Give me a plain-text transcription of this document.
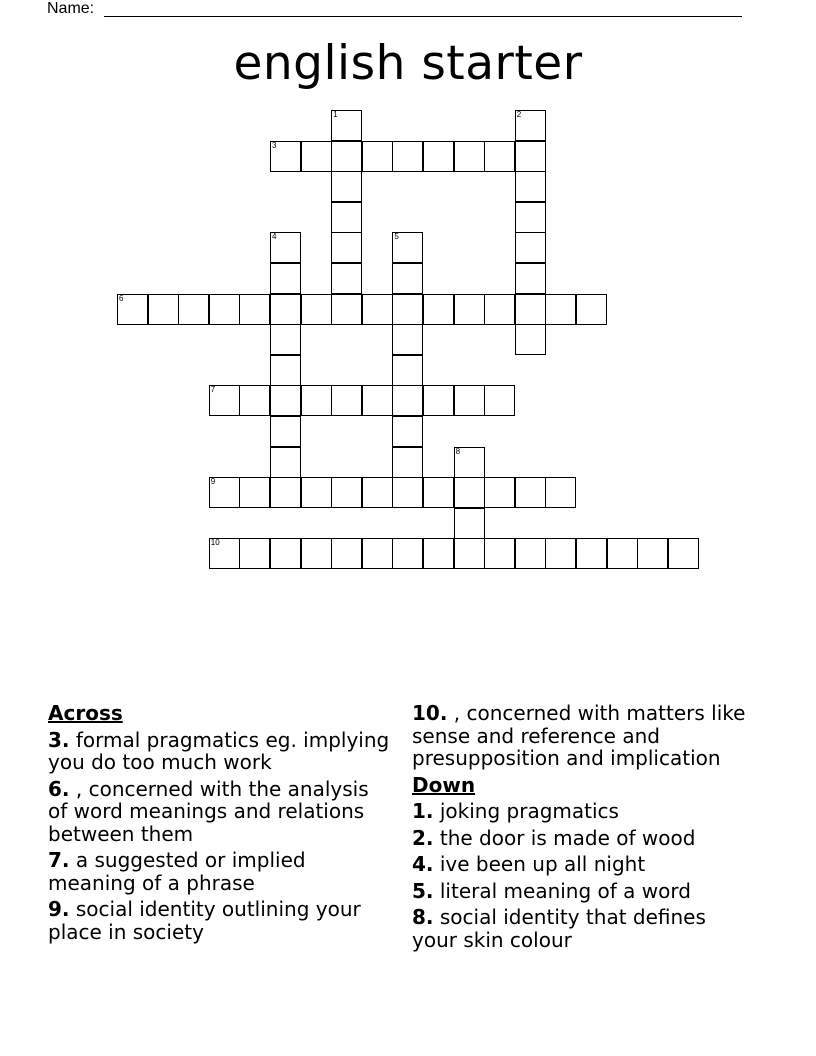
Name:
english starter
1	2
3
4	5
6
7
8
9
10
Across
3. formal pragmatics eg. implying you do too much work
6. , concerned with the analysis of word meanings and relations between them
7. a suggested or implied meaning of a phrase
9. social identity outlining your place in society
10. , concerned with matters like sense and reference and presupposition and implication
Down
1. joking pragmatics
2. the door is made of wood
4. ive been up all night
5. literal meaning of a word
8. social identity that defines your skin colour
